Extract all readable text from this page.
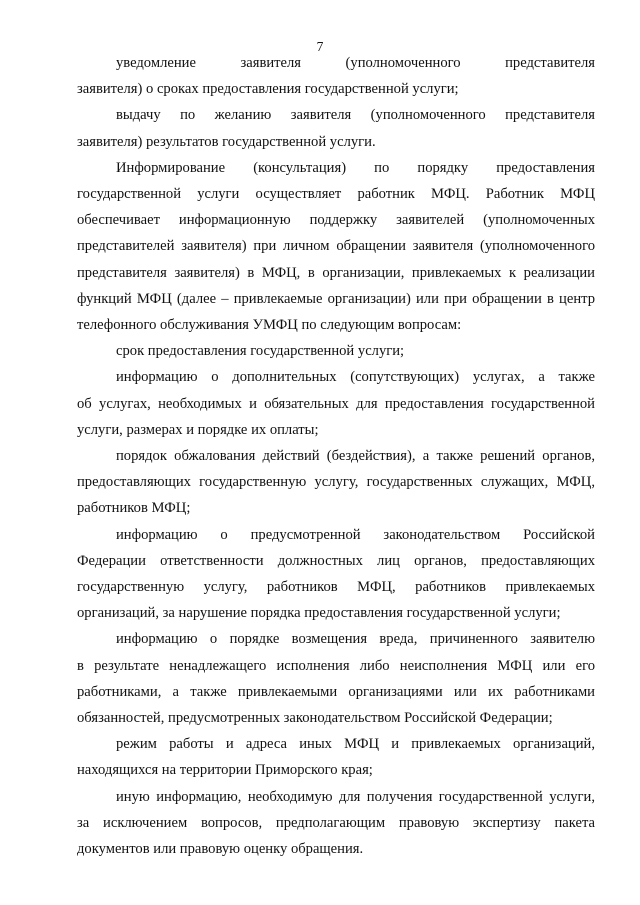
7
уведомление заявителя (уполномоченного представителя
заявителя) о сроках предоставления государственной услуги;
выдачу по желанию заявителя (уполномоченного представителя
заявителя) результатов государственной услуги.
Информирование (консультация) по порядку предоставления
государственной услуги осуществляет работник МФЦ. Работник МФЦ
обеспечивает информационную поддержку заявителей (уполномоченных
представителей заявителя) при личном обращении заявителя (уполномоченного
представителя заявителя) в МФЦ, в организации, привлекаемых к реализации
функций МФЦ (далее – привлекаемые организации) или при обращении в центр
телефонного обслуживания УМФЦ по следующим вопросам:
срок предоставления государственной услуги;
информацию о дополнительных (сопутствующих) услугах, а также
об услугах, необходимых и обязательных для предоставления государственной
услуги, размерах и порядке их оплаты;
порядок обжалования действий (бездействия), а также решений органов,
предоставляющих государственную услугу, государственных служащих, МФЦ,
работников МФЦ;
информацию о предусмотренной законодательством Российской
Федерации ответственности должностных лиц органов, предоставляющих
государственную услугу, работников МФЦ, работников привлекаемых
организаций, за нарушение порядка предоставления государственной услуги;
информацию о порядке возмещения вреда, причиненного заявителю
в результате ненадлежащего исполнения либо неисполнения МФЦ или его
работниками, а также привлекаемыми организациями или их работниками
обязанностей, предусмотренных законодательством Российской Федерации;
режим работы и адреса иных МФЦ и привлекаемых организаций,
находящихся на территории Приморского края;
иную информацию, необходимую для получения государственной услуги,
за исключением вопросов, предполагающим правовую экспертизу пакета
документов или правовую оценку обращения.
